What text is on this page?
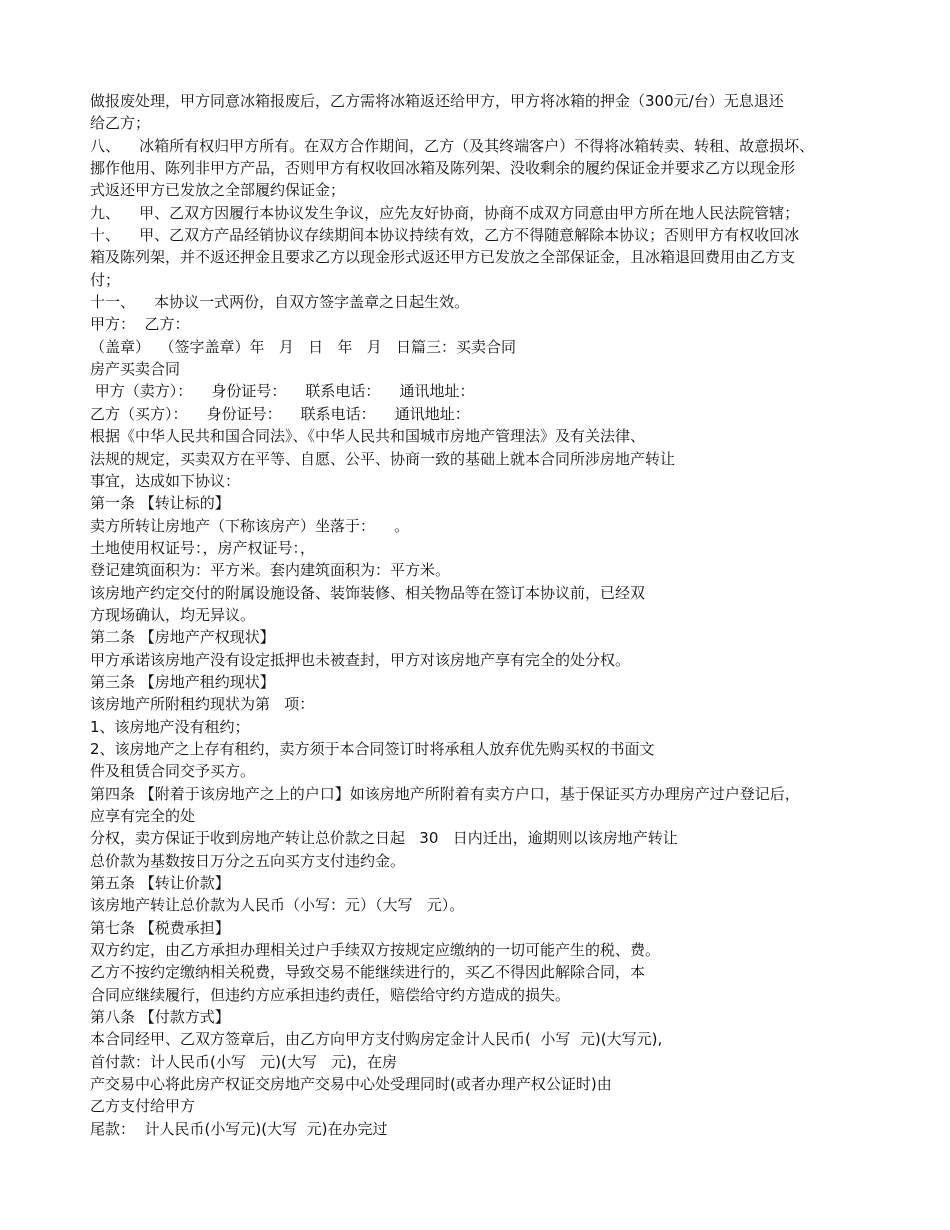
做报废处理，甲方同意冰箱报废后，乙方需将冰箱返还给甲方，甲方将冰箱的押金（300元/台）无息退还

给乙方；

八、    冰箱所有权归甲方所有。在双方合作期间，乙方（及其终端客户）不得将冰箱转卖、转租、故意损坏、

挪作他用、陈列非甲方产品，否则甲方有权收回冰箱及陈列架、没收剩余的履约保证金并要求乙方以现金形

式返还甲方已发放之全部履约保证金；

九、    甲、乙双方因履行本协议发生争议，应先友好协商，协商不成双方同意由甲方所在地人民法院管辖；

十、    甲、乙双方产品经销协议存续期间本协议持续有效，乙方不得随意解除本协议；否则甲方有权收回冰

箱及陈列架，并不返还押金且要求乙方以现金形式返还甲方已发放之全部保证金，且冰箱退回费用由乙方支

付；

十一、    本协议一式两份，自双方签字盖章之日起生效。

甲方：  乙方：

（盖章）  （签字盖章）年   月   日   年   月   日篇三：买卖合同

房产买卖合同

甲方（卖方）：    身份证号：    联系电话：    通讯地址：

乙方（买方）：    身份证号：    联系电话：    通讯地址：

根据《中华人民共和国合同法》、《中华人民共和国城市房地产管理法》及有关法律、

法规的规定，买卖双方在平等、自愿、公平、协商一致的基础上就本合同所涉房地产转让

事宜，达成如下协议：

第一条 【转让标的】

卖方所转让房地产（下称该房产）坐落于：    。

土地使用权证号：，房产权证号：，

登记建筑面积为：平方米。套内建筑面积为：平方米。

该房地产约定交付的附属设施设备、装饰装修、相关物品等在签订本协议前，已经双

方现场确认，均无异议。

第二条 【房地产产权现状】

甲方承诺该房地产没有设定抵押也未被查封，甲方对该房地产享有完全的处分权。

第三条 【房地产租约现状】

该房地产所附租约现状为第   项：

1、该房地产没有租约；

2、该房地产之上存有租约，卖方须于本合同签订时将承租人放弃优先购买权的书面文

件及租赁合同交予买方。

第四条 【附着于该房地产之上的户口】如该房地产所附着有卖方户口，基于保证买方办理房产过户登记后，

应享有完全的处

分权，卖方保证于收到房地产转让总价款之日起   30   日内迁出，逾期则以该房地产转让

总价款为基数按日万分之五向买方支付违约金。

第五条 【转让价款】

该房地产转让总价款为人民币（小写：元）（大写   元）。

第七条 【税费承担】

双方约定，由乙方承担办理相关过户手续双方按规定应缴纳的一切可能产生的税、费。

乙方不按约定缴纳相关税费，导致交易不能继续进行的，买乙不得因此解除合同，本

合同应继续履行，但违约方应承担违约责任，赔偿给守约方造成的损失。

第八条 【付款方式】

本合同经甲、乙双方签章后，由乙方向甲方支付购房定金计人民币(  小写  元)(大写元),

首付款：计人民币(小写   元)(大写   元)，在房

产交易中心将此房产权证交房地产交易中心处受理同时(或者办理产权公证时)由

乙方支付给甲方

尾款：  计人民币(小写元)(大写  元)在办完过
